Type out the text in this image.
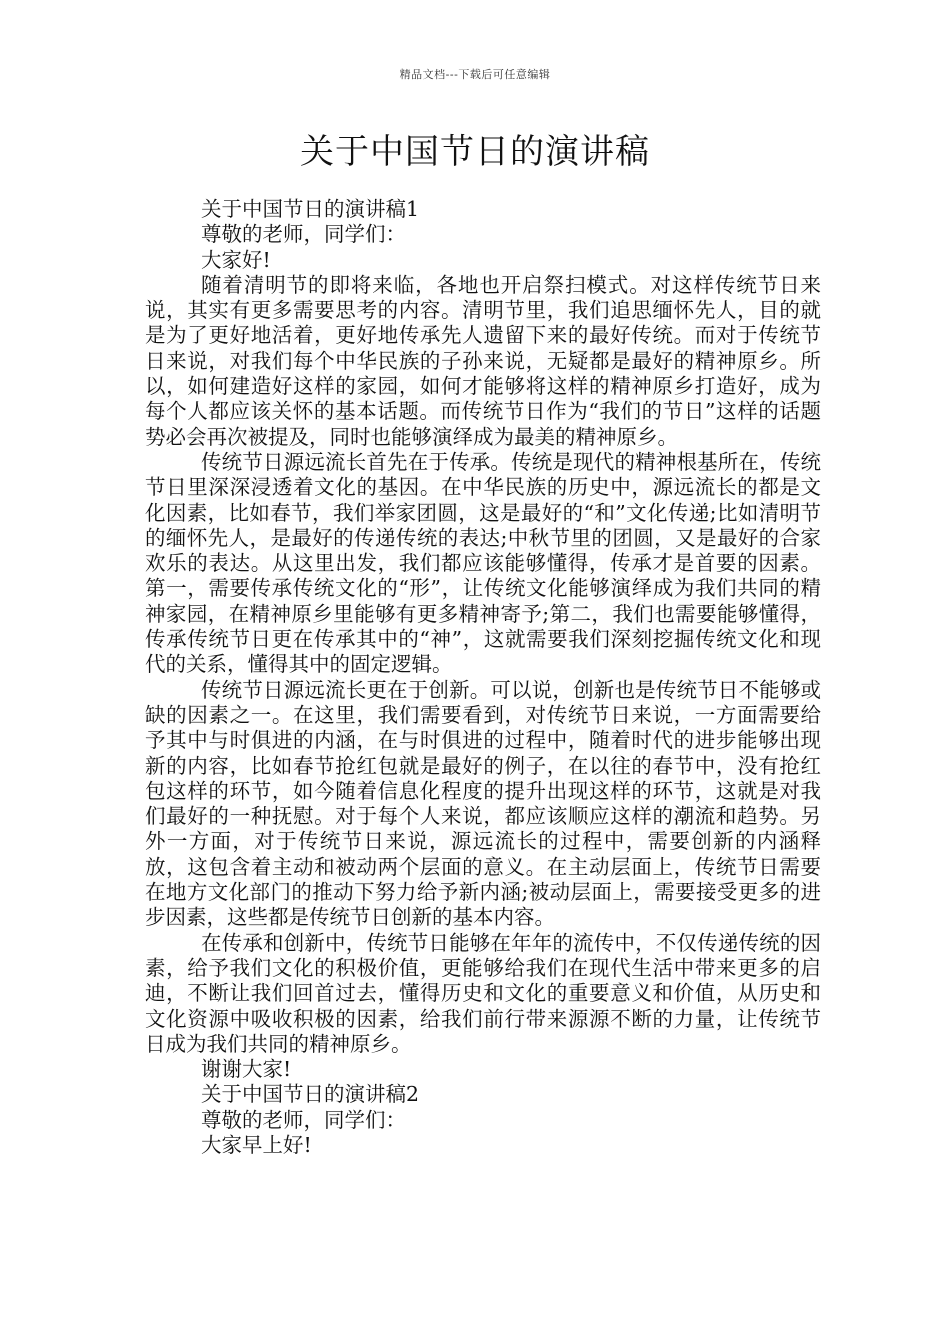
精品文档---下载后可任意编辑
关于中国节日的演讲稿

关于中国节日的演讲稿1

尊敬的老师，同学们：

大家好!

随着清明节的即将来临，各地也开启祭扫模式。对这样传统节日来说，其实有更多需要思考的内容。清明节里，我们追思缅怀先人，目的就是为了更好地活着，更好地传承先人遗留下来的最好传统。而对于传统节日来说，对我们每个中华民族的子孙来说，无疑都是最好的精神原乡。所以，如何建造好这样的家园，如何才能够将这样的精神原乡打造好，成为每个人都应该关怀的基本话题。而传统节日作为“我们的节日”这样的话题势必会再次被提及，同时也能够演绎成为最美的精神原乡。

传统节日源远流长首先在于传承。传统是现代的精神根基所在，传统节日里深深浸透着文化的基因。在中华民族的历史中，源远流长的都是文化因素，比如春节，我们举家团圆，这是最好的“和”文化传递;比如清明节的缅怀先人，是最好的传递传统的表达;中秋节里的团圆，又是最好的合家欢乐的表达。从这里出发，我们都应该能够懂得，传承才是首要的因素。第一，需要传承传统文化的“形”，让传统文化能够演绎成为我们共同的精神家园，在精神原乡里能够有更多精神寄予;第二，我们也需要能够懂得，传承传统节日更在传承其中的“神”，这就需要我们深刻挖掘传统文化和现代的关系，懂得其中的固定逻辑。

传统节日源远流长更在于创新。可以说，创新也是传统节日不能够或缺的因素之一。在这里，我们需要看到，对传统节日来说，一方面需要给予其中与时俱进的内涵，在与时俱进的过程中，随着时代的进步能够出现新的内容，比如春节抢红包就是最好的例子，在以往的春节中，没有抢红包这样的环节，如今随着信息化程度的提升出现这样的环节，这就是对我们最好的一种抚慰。对于每个人来说，都应该顺应这样的潮流和趋势。另外一方面，对于传统节日来说，源远流长的过程中，需要创新的内涵释放，这包含着主动和被动两个层面的意义。在主动层面上，传统节日需要在地方文化部门的推动下努力给予新内涵;被动层面上，需要接受更多的进步因素，这些都是传统节日创新的基本内容。

在传承和创新中，传统节日能够在年年的流传中，不仅传递传统的因素，给予我们文化的积极价值，更能够给我们在现代生活中带来更多的启迪，不断让我们回首过去，懂得历史和文化的重要意义和价值，从历史和文化资源中吸收积极的因素，给我们前行带来源源不断的力量，让传统节日成为我们共同的精神原乡。

谢谢大家!

关于中国节日的演讲稿2

尊敬的老师，同学们：

大家早上好!
